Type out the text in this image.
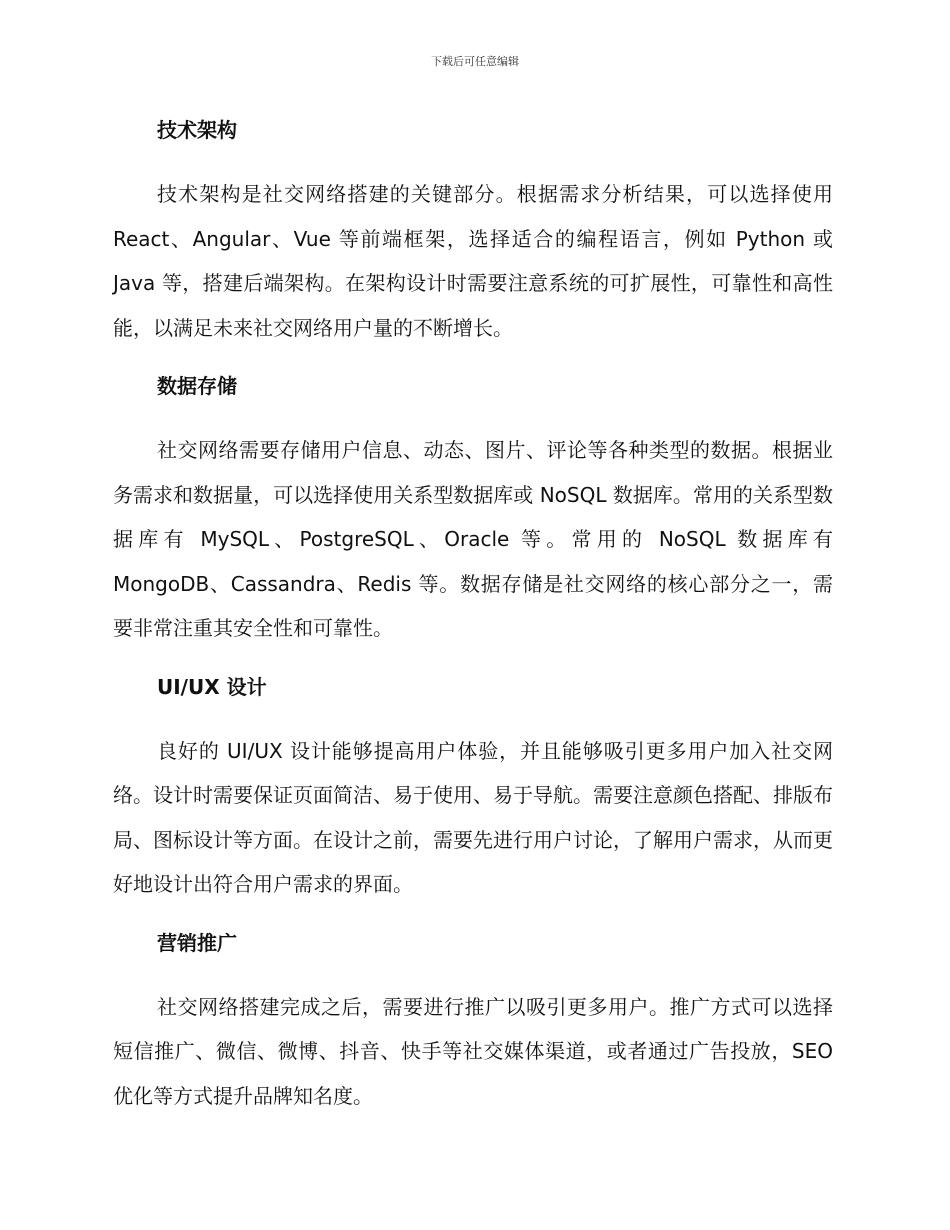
下载后可任意编辑
技术架构

技术架构是社交网络搭建的关键部分。根据需求分析结果，可以选择使用 React、Angular、Vue 等前端框架，选择适合的编程语言，例如 Python 或 Java 等，搭建后端架构。在架构设计时需要注意系统的可扩展性，可靠性和高性能，以满足未来社交网络用户量的不断增长。

数据存储

社交网络需要存储用户信息、动态、图片、评论等各种类型的数据。根据业务需求和数据量，可以选择使用关系型数据库或 NoSQL 数据库。常用的关系型数据库有 MySQL、PostgreSQL、Oracle 等。常用的 NoSQL 数据库有 MongoDB、Cassandra、Redis 等。数据存储是社交网络的核心部分之一，需要非常注重其安全性和可靠性。

UI/UX 设计

良好的 UI/UX 设计能够提高用户体验，并且能够吸引更多用户加入社交网络。设计时需要保证页面简洁、易于使用、易于导航。需要注意颜色搭配、排版布局、图标设计等方面。在设计之前，需要先进行用户讨论，了解用户需求，从而更好地设计出符合用户需求的界面。

营销推广

社交网络搭建完成之后，需要进行推广以吸引更多用户。推广方式可以选择短信推广、微信、微博、抖音、快手等社交媒体渠道，或者通过广告投放，SEO 优化等方式提升品牌知名度。
